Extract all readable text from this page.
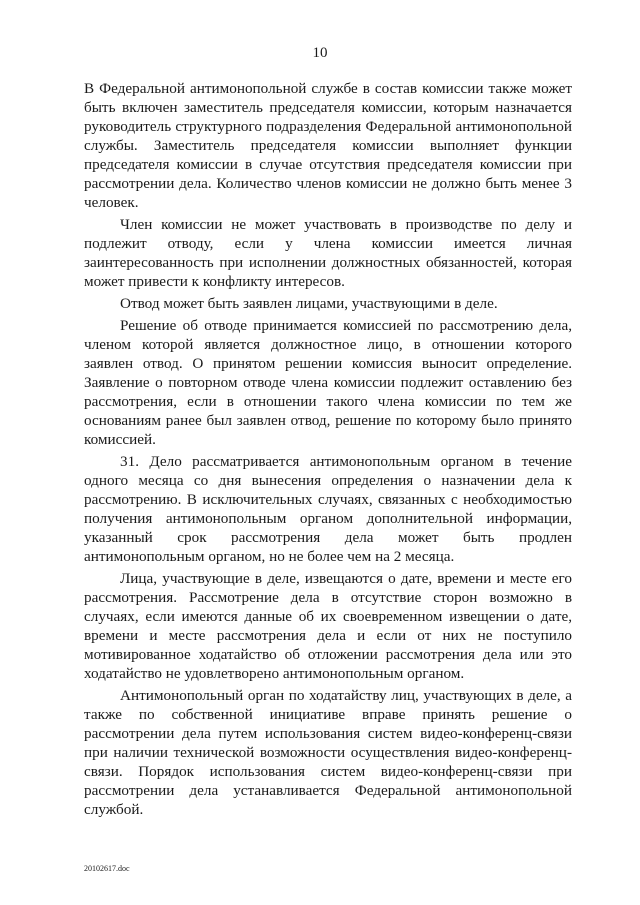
10

В Федеральной антимонопольной службе в состав комиссии также может быть включен заместитель председателя комиссии, которым назначается руководитель структурного подразделения Федеральной антимонопольной службы. Заместитель председателя комиссии выполняет функции председателя комиссии в случае отсутствия председателя комиссии при рассмотрении дела. Количество членов комиссии не должно быть менее 3 человек.

Член комиссии не может участвовать в производстве по делу и подлежит отводу, если у члена комиссии имеется личная заинтересованность при исполнении должностных обязанностей, которая может привести к конфликту интересов.

Отвод может быть заявлен лицами, участвующими в деле.

Решение об отводе принимается комиссией по рассмотрению дела, членом которой является должностное лицо, в отношении которого заявлен отвод. О принятом решении комиссия выносит определение. Заявление о повторном отводе члена комиссии подлежит оставлению без рассмотрения, если в отношении такого члена комиссии по тем же основаниям ранее был заявлен отвод, решение по которому было принято комиссией.

31. Дело рассматривается антимонопольным органом в течение одного месяца со дня вынесения определения о назначении дела к рассмотрению. В исключительных случаях, связанных с необходимостью получения антимонопольным органом дополнительной информации, указанный срок рассмотрения дела может быть продлен антимонопольным органом, но не более чем на 2 месяца.

Лица, участвующие в деле, извещаются о дате, времени и месте его рассмотрения. Рассмотрение дела в отсутствие сторон возможно в случаях, если имеются данные об их своевременном извещении о дате, времени и месте рассмотрения дела и если от них не поступило мотивированное ходатайство об отложении рассмотрения дела или это ходатайство не удовлетворено антимонопольным органом.

Антимонопольный орган по ходатайству лиц, участвующих в деле, а также по собственной инициативе вправе принять решение о рассмотрении дела путем использования систем видео-конференц-связи при наличии технической возможности осуществления видео-конференц-связи. Порядок использования систем видео-конференц-связи при рассмотрении дела устанавливается Федеральной антимонопольной службой.

20102617.doc
